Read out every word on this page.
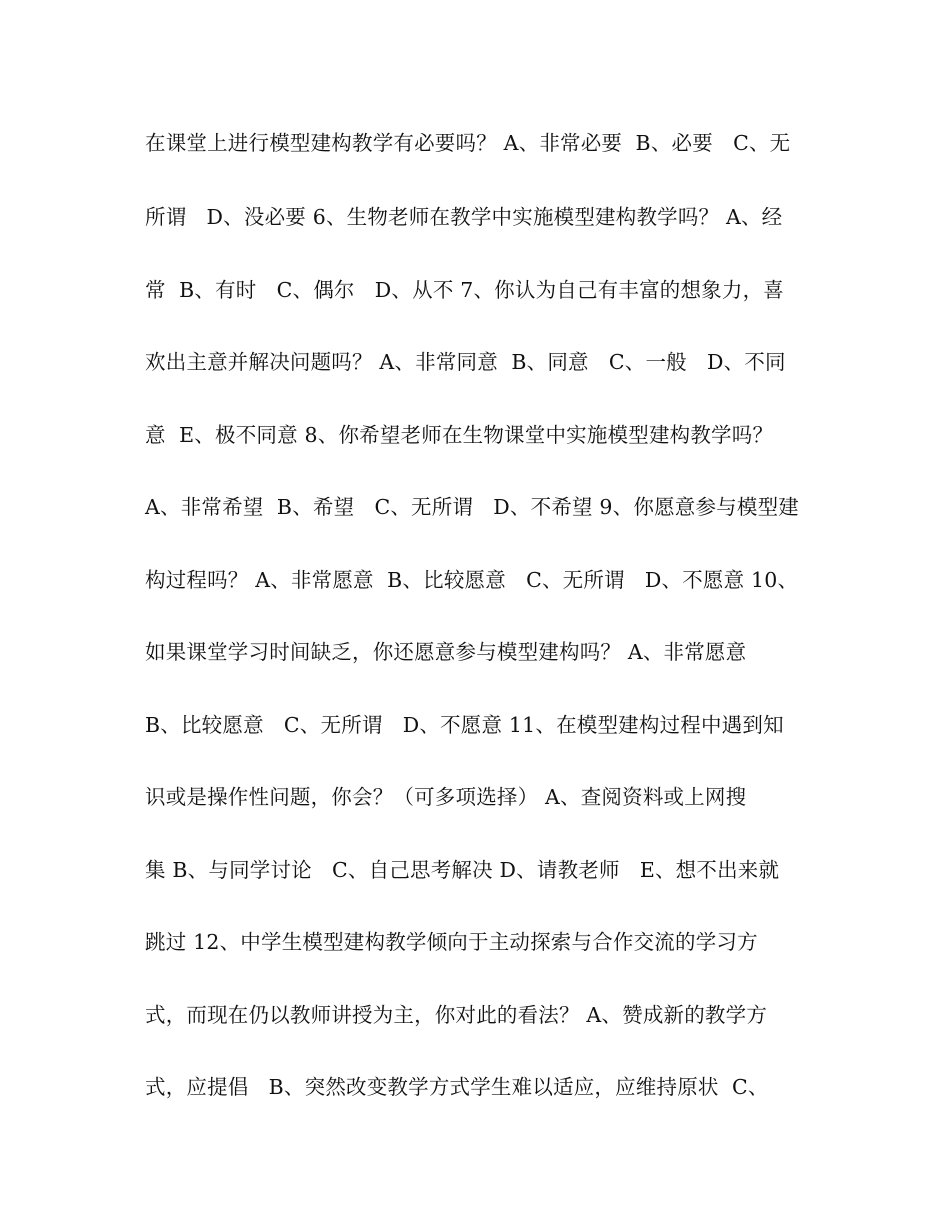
在课堂上进行模型建构教学有必要吗？ A、非常必要  B、必要   C、无
所谓   D、没必要 6、生物老师在教学中实施模型建构教学吗？ A、经
常  B、有时   C、偶尔   D、从不 7、你认为自己有丰富的想象力，喜
欢出主意并解决问题吗？ A、非常同意  B、同意   C、一般   D、不同
意  E、极不同意 8、你希望老师在生物课堂中实施模型建构教学吗？
A、非常希望  B、希望   C、无所谓   D、不希望 9、你愿意参与模型建
构过程吗？ A、非常愿意  B、比较愿意   C、无所谓   D、不愿意 10、
如果课堂学习时间缺乏，你还愿意参与模型建构吗？ A、非常愿意
B、比较愿意   C、无所谓   D、不愿意 11、在模型建构过程中遇到知
识或是操作性问题，你会？（可多项选择） A、查阅资料或上网搜
集 B、与同学讨论   C、自己思考解决 D、请教老师   E、想不出来就
跳过 12、中学生模型建构教学倾向于主动探索与合作交流的学习方
式，而现在仍以教师讲授为主，你对此的看法？ A、赞成新的教学方
式，应提倡   B、突然改变教学方式学生难以适应，应维持原状  C、
